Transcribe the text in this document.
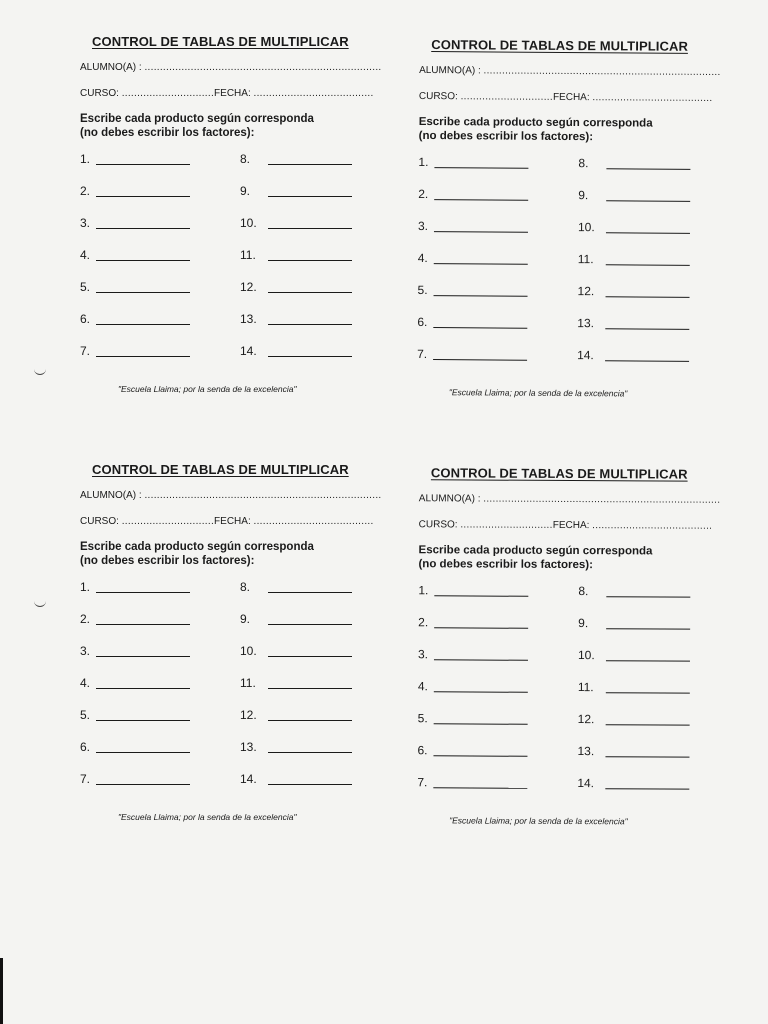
CONTROL DE TABLAS DE MULTIPLICAR
ALUMNO(A) : .............................................................................
CURSO: ..............................FECHA: .......................................
Escribe cada producto según corresponda
(no debes escribir los factores):
1.
2.
3.
4.
5.
6.
7.
8.
9.
10.
11.
12.
13.
14.
"Escuela Llaima; por la senda de la excelencia"
CONTROL DE TABLAS DE MULTIPLICAR
ALUMNO(A) : .............................................................................
CURSO: ..............................FECHA: .......................................
Escribe cada producto según corresponda
(no debes escribir los factores):
1.
2.
3.
4.
5.
6.
7.
8.
9.
10.
11.
12.
13.
14.
"Escuela Llaima; por la senda de la excelencia"
CONTROL DE TABLAS DE MULTIPLICAR
ALUMNO(A) : .............................................................................
CURSO: ..............................FECHA: .......................................
Escribe cada producto según corresponda
(no debes escribir los factores):
1.
2.
3.
4.
5.
6.
7.
8.
9.
10.
11.
12.
13.
14.
"Escuela Llaima; por la senda de la excelencia"
CONTROL DE TABLAS DE MULTIPLICAR
ALUMNO(A) : .............................................................................
CURSO: ..............................FECHA: .......................................
Escribe cada producto según corresponda
(no debes escribir los factores):
1.
2.
3.
4.
5.
6.
7.
8.
9.
10.
11.
12.
13.
14.
"Escuela Llaima; por la senda de la excelencia"
